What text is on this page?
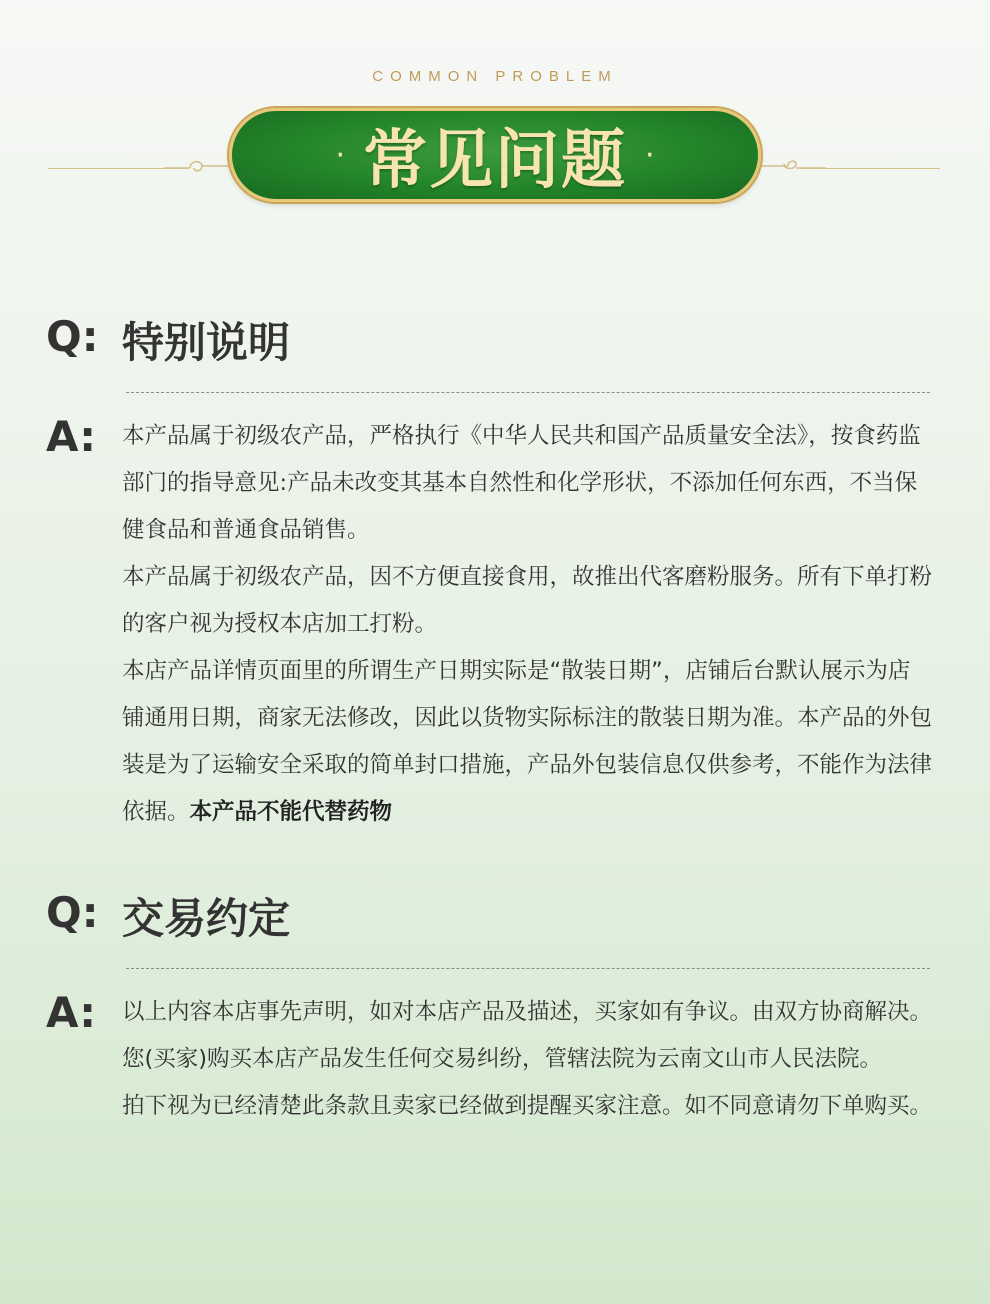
COMMON PROBLEM
· 常见问题 ·
Q: 特别说明
A: 本产品属于初级农产品，严格执行《中华人民共和国产品质量安全法》，按食药监部门的指导意见:产品未改变其基本自然性和化学形状，不添加任何东西，不当保健食品和普通食品销售。

本产品属于初级农产品，因不方便直接食用，故推出代客磨粉服务。所有下单打粉的客户视为授权本店加工打粉。

本店产品详情页面里的所谓生产日期实际是“散装日期”，店铺后台默认展示为店铺通用日期，商家无法修改，因此以货物实际标注的散装日期为准。本产品的外包装是为了运输安全采取的简单封口措施，产品外包装信息仅供参考，不能作为法律依据。本产品不能代替药物

Q: 交易约定
A: 以上内容本店事先声明，如对本店产品及描述，买家如有争议。由双方协商解决。您(买家)购买本店产品发生任何交易纠纷，管辖法院为云南文山市人民法院。

拍下视为已经清楚此条款且卖家已经做到提醒买家注意。如不同意请勿下单购买。
